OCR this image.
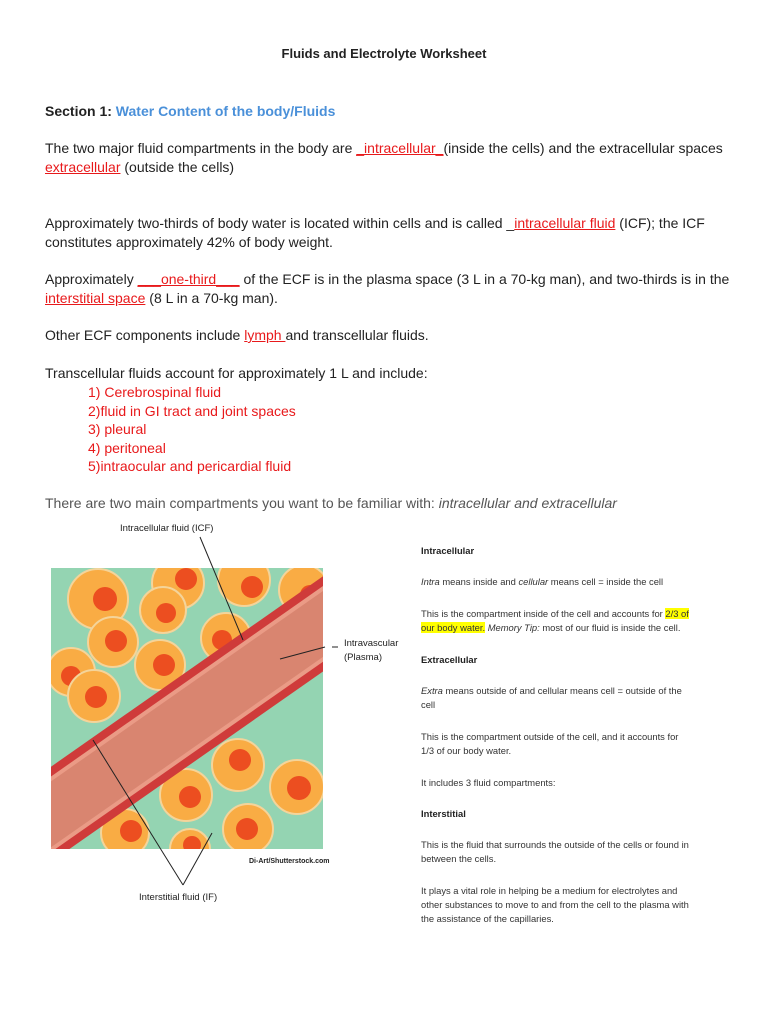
Fluids and Electrolyte Worksheet
Section 1: Water Content of the body/Fluids
The two major fluid compartments in the body are _intracellular_(inside the cells) and the extracellular spaces
extracellular (outside the cells)
Approximately two-thirds of body water is located within cells and is called _intracellular fluid (ICF); the ICF
constitutes approximately 42% of body weight.
Approximately ___one-third___ of the ECF is in the plasma space (3 L in a 70-kg man), and two-thirds is in the
interstitial space (8 L in a 70-kg man).
Other ECF components include lymph and transcellular fluids.
Transcellular fluids account for approximately 1 L and include:
1) Cerebrospinal fluid
2)fluid in GI tract and joint spaces
3) pleural
4) peritoneal
5)intraocular and pericardial fluid
There are two main compartments you want to be familiar with: intracellular and extracellular
Intracellular fluid (ICF)
Intravascular
(Plasma)
Di-Art/Shutterstock.com
Interstitial fluid (IF)
Intracellular
Intra means inside and cellular means cell = inside the cell
This is the compartment inside of the cell and accounts for 2/3 of
our body water. Memory Tip: most of our fluid is inside the cell.
Extracellular
Extra means outside of and cellular means cell = outside of the
cell
This is the compartment outside of the cell, and it accounts for
1/3 of our body water.
It includes 3 fluid compartments:
Interstitial
This is the fluid that surrounds the outside of the cells or found in
between the cells.
It plays a vital role in helping be a medium for electrolytes and
other substances to move to and from the cell to the plasma with
the assistance of the capillaries.
